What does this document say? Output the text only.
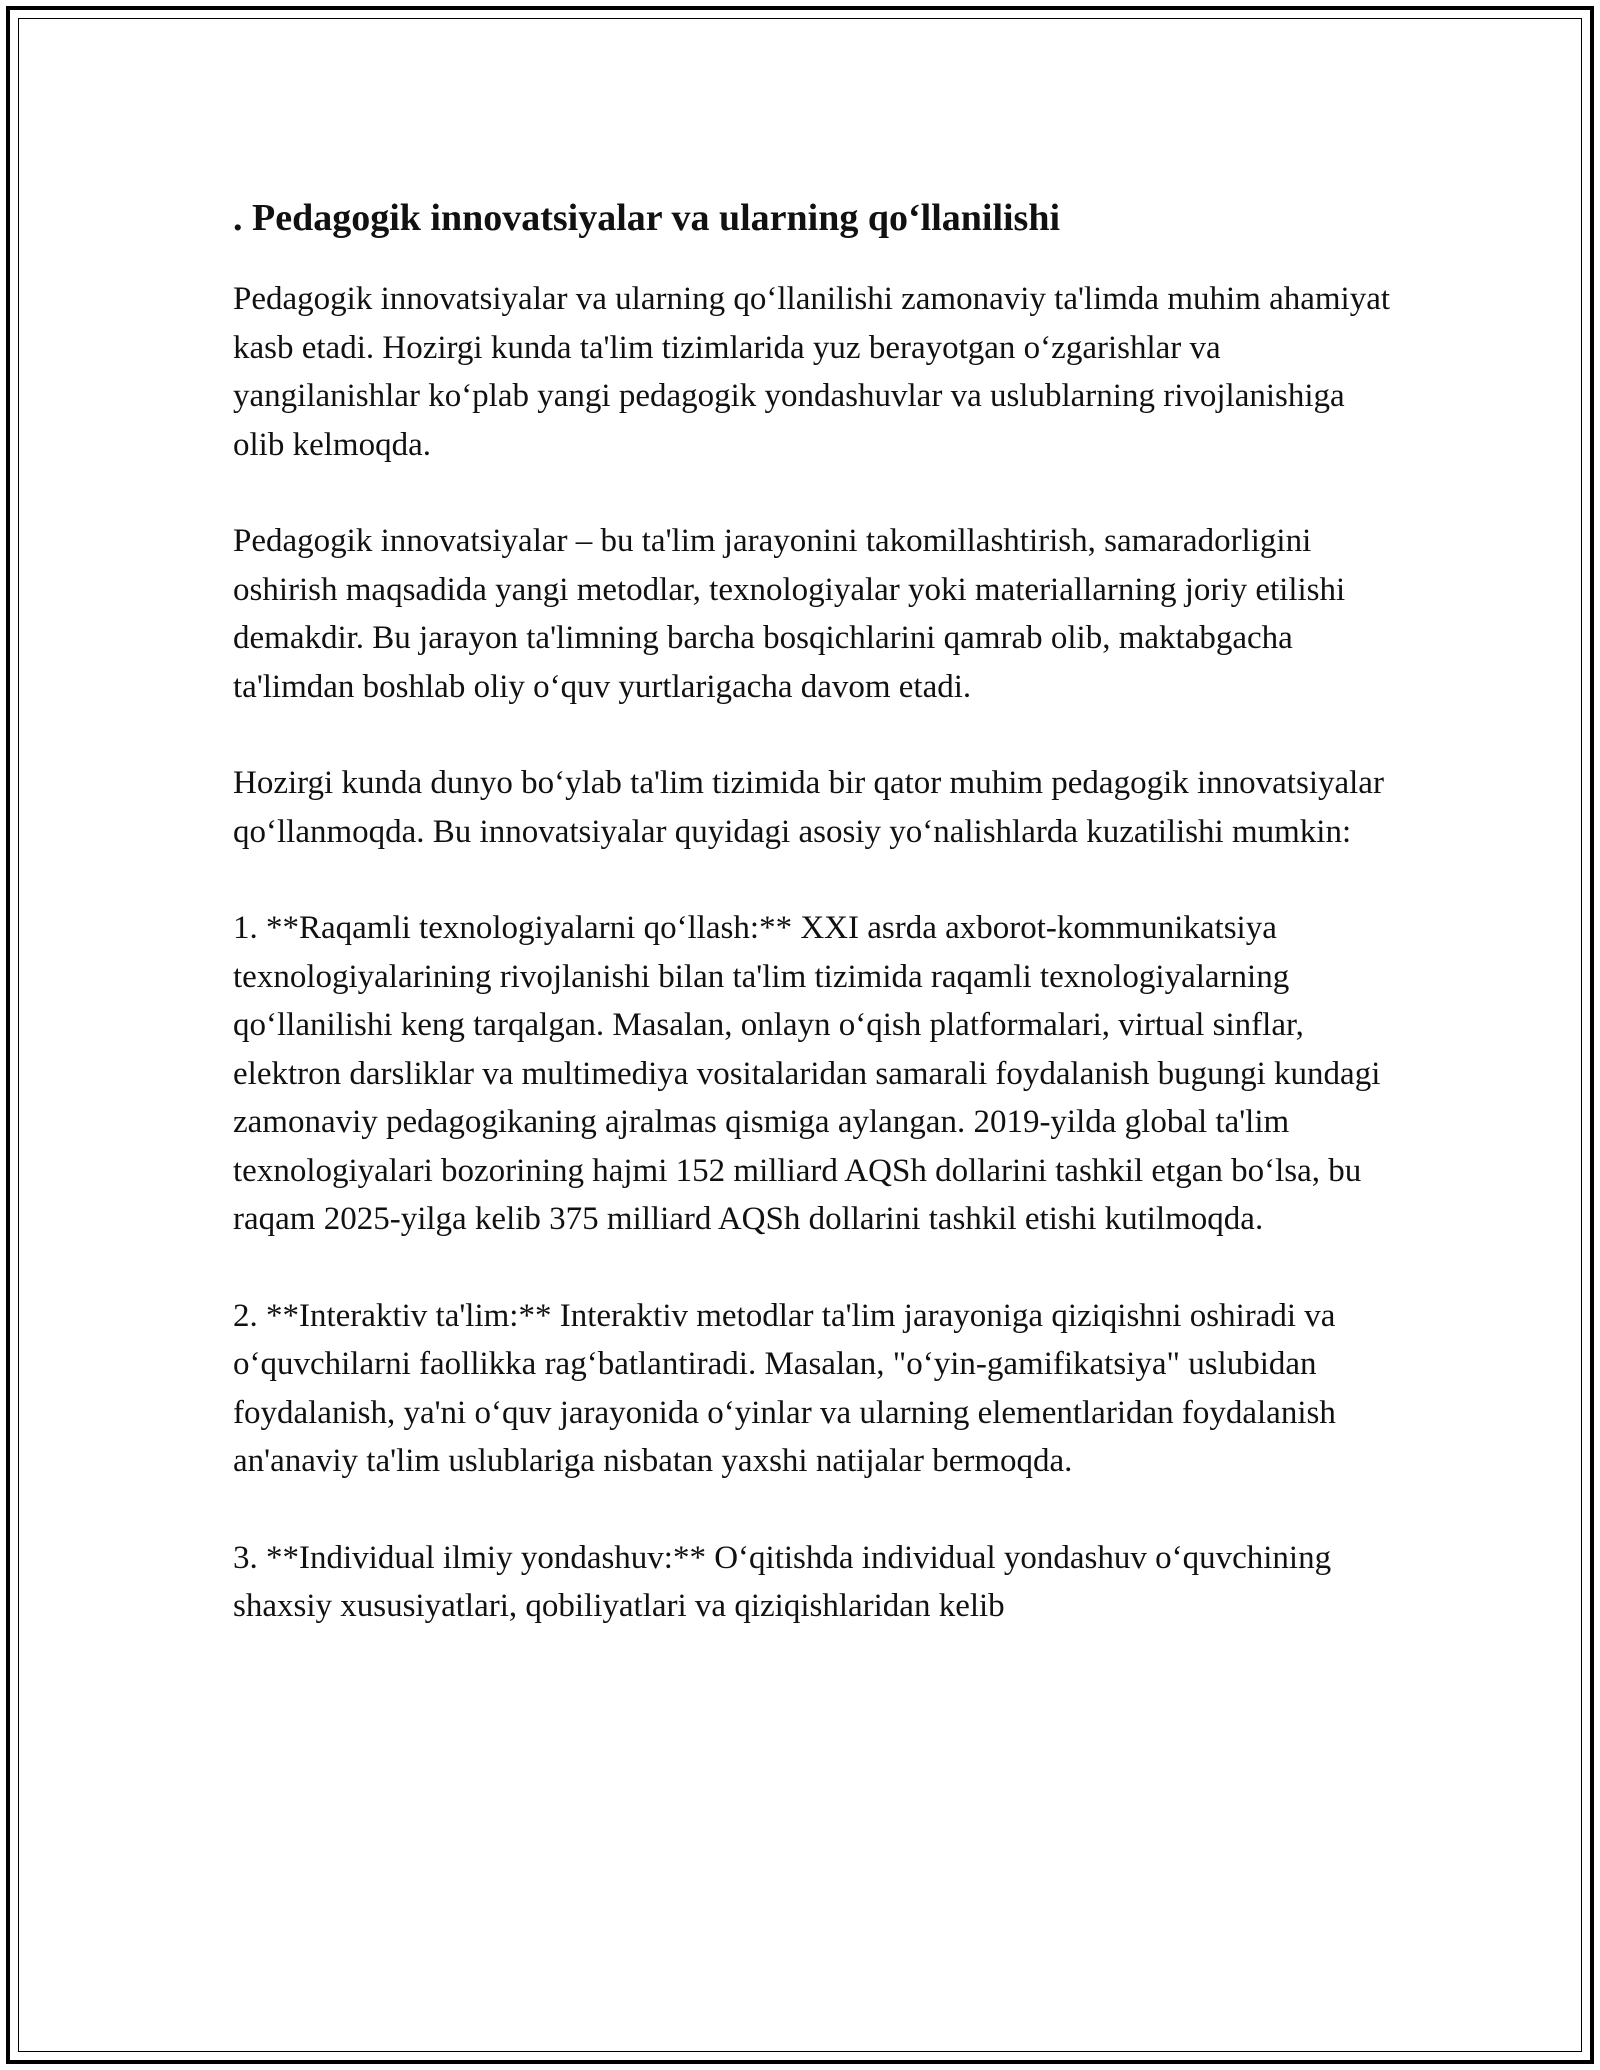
. Pedagogik innovatsiyalar va ularning qo‘llanilishi

Pedagogik innovatsiyalar va ularning qo‘llanilishi zamonaviy ta'limda muhim ahamiyat kasb etadi. Hozirgi kunda ta'lim tizimlarida yuz berayotgan o‘zgarishlar va yangilanishlar ko‘plab yangi pedagogik yondashuvlar va uslublarning rivojlanishiga olib kelmoqda.

Pedagogik innovatsiyalar – bu ta'lim jarayonini takomillashtirish, samaradorligini oshirish maqsadida yangi metodlar, texnologiyalar yoki materiallarning joriy etilishi demakdir. Bu jarayon ta'limning barcha bosqichlarini qamrab olib, maktabgacha ta'limdan boshlab oliy o‘quv yurtlarigacha davom etadi.

Hozirgi kunda dunyo bo‘ylab ta'lim tizimida bir qator muhim pedagogik innovatsiyalar qo‘llanmoqda. Bu innovatsiyalar quyidagi asosiy yo‘nalishlarda kuzatilishi mumkin:

1. **Raqamli texnologiyalarni qo‘llash:** XXI asrda axborot-kommunikatsiya texnologiyalarining rivojlanishi bilan ta'lim tizimida raqamli texnologiyalarning qo‘llanilishi keng tarqalgan. Masalan, onlayn o‘qish platformalari, virtual sinflar, elektron darsliklar va multimediya vositalaridan samarali foydalanish bugungi kundagi zamonaviy pedagogikaning ajralmas qismiga aylangan. 2019-yilda global ta'lim texnologiyalari bozorining hajmi 152 milliard AQSh dollarini tashkil etgan bo‘lsa, bu raqam 2025-yilga kelib 375 milliard AQSh dollarini tashkil etishi kutilmoqda.

2. **Interaktiv ta'lim:** Interaktiv metodlar ta'lim jarayoniga qiziqishni oshiradi va o‘quvchilarni faollikka rag‘batlantiradi. Masalan, "o‘yin-gamifikatsiya" uslubidan foydalanish, ya'ni o‘quv jarayonida o‘yinlar va ularning elementlaridan foydalanish an'anaviy ta'lim uslublariga nisbatan yaxshi natijalar bermoqda.

3. **Individual ilmiy yondashuv:** O‘qitishda individual yondashuv o‘quvchining shaxsiy xususiyatlari, qobiliyatlari va qiziqishlaridan kelib
